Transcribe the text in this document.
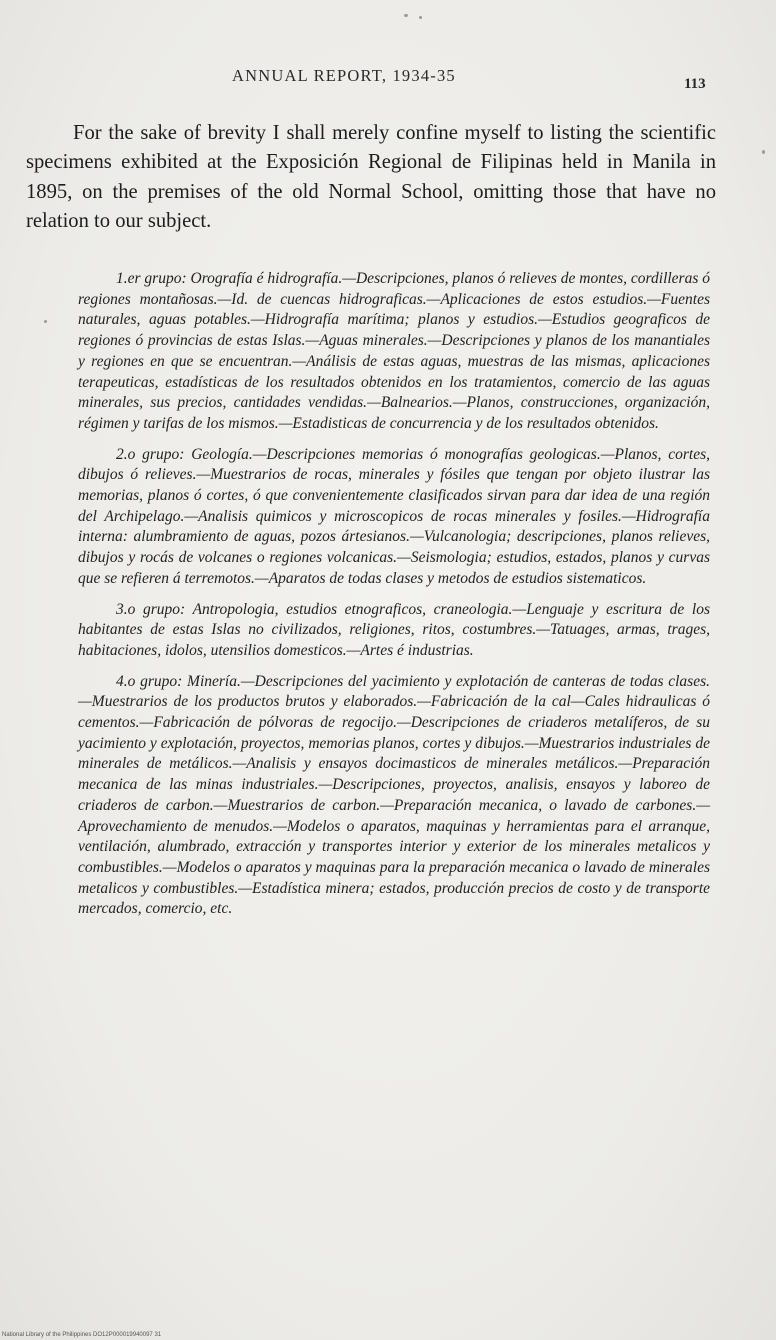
ANNUAL REPORT, 1934-35	113

For the sake of brevity I shall merely confine myself to listing the scientific specimens exhibited at the Exposición Regional de Filipinas held in Manila in 1895, on the premises of the old Normal School, omitting those that have no relation to our subject.

1.er grupo: Orografía é hidrografía.—Descripciones, planos ó relieves de montes, cordilleras ó regiones montañosas.—Id. de cuencas hidrograficas.—Aplicaciones de estos estudios.—Fuentes naturales, aguas potables.—Hidrografía marítima; planos y estudios.—Estudios geograficos de regiones ó provincias de estas Islas.—Aguas minerales.—Descripciones y planos de los manantiales y regiones en que se encuentran.—Análisis de estas aguas, muestras de las mismas, aplicaciones terapeuticas, estadísticas de los resultados obtenidos en los tratamientos, comercio de las aguas minerales, sus precios, cantidades vendidas.—Balnearios.—Planos, construcciones, organización, régimen y tarifas de los mismos.—Estadisticas de concurrencia y de los resultados obtenidos.

2.o grupo: Geología.—Descripciones memorias ó monografías geologicas.—Planos, cortes, dibujos ó relieves.—Muestrarios de rocas, minerales y fósiles que tengan por objeto ilustrar las memorias, planos ó cortes, ó que convenientemente clasificados sirvan para dar idea de una región del Archipelago.—Analisis quimicos y microscopicos de rocas minerales y fosiles.—Hidrografía interna: alumbramiento de aguas, pozos ártesianos.—Vulcanologia; descripciones, planos relieves, dibujos y rocás de volcanes o regiones volcanicas.—Seismologia; estudios, estados, planos y curvas que se refieren á terremotos.—Aparatos de todas clases y metodos de estudios sistematicos.

3.o grupo: Antropologia, estudios etnograficos, craneologia.—Lenguaje y escritura de los habitantes de estas Islas no civilizados, religiones, ritos, costumbres.—Tatuages, armas, trages, habitaciones, idolos, utensilios domesticos.—Artes é industrias.

4.o grupo: Minería.—Descripciones del yacimiento y explotación de canteras de todas clases.—Muestrarios de los productos brutos y elaborados.—Fabricación de la cal—Cales hidraulicas ó cementos.—Fabricación de pólvoras de regocijo.—Descripciones de criaderos metalíferos, de su yacimiento y explotación, proyectos, memorias planos, cortes y dibujos.—Muestrarios industriales de minerales de metálicos.—Analisis y ensayos docimasticos de minerales metálicos.—Preparación mecanica de las minas industriales.—Descripciones, proyectos, analisis, ensayos y laboreo de criaderos de carbon.—Muestrarios de carbon.—Preparación mecanica, o lavado de carbones.—Aprovechamiento de menudos.—Modelos o aparatos, maquinas y herramientas para el arranque, ventilación, alumbrado, extracción y transportes interior y exterior de los minerales metalicos y combustibles.—Modelos o aparatos y maquinas para la preparación mecanica o lavado de minerales metalicos y combustibles.—Estadística minera; estados, producción precios de costo y de transporte mercados, comercio, etc.

National Library of the Philippines DO12P000019940097 31
